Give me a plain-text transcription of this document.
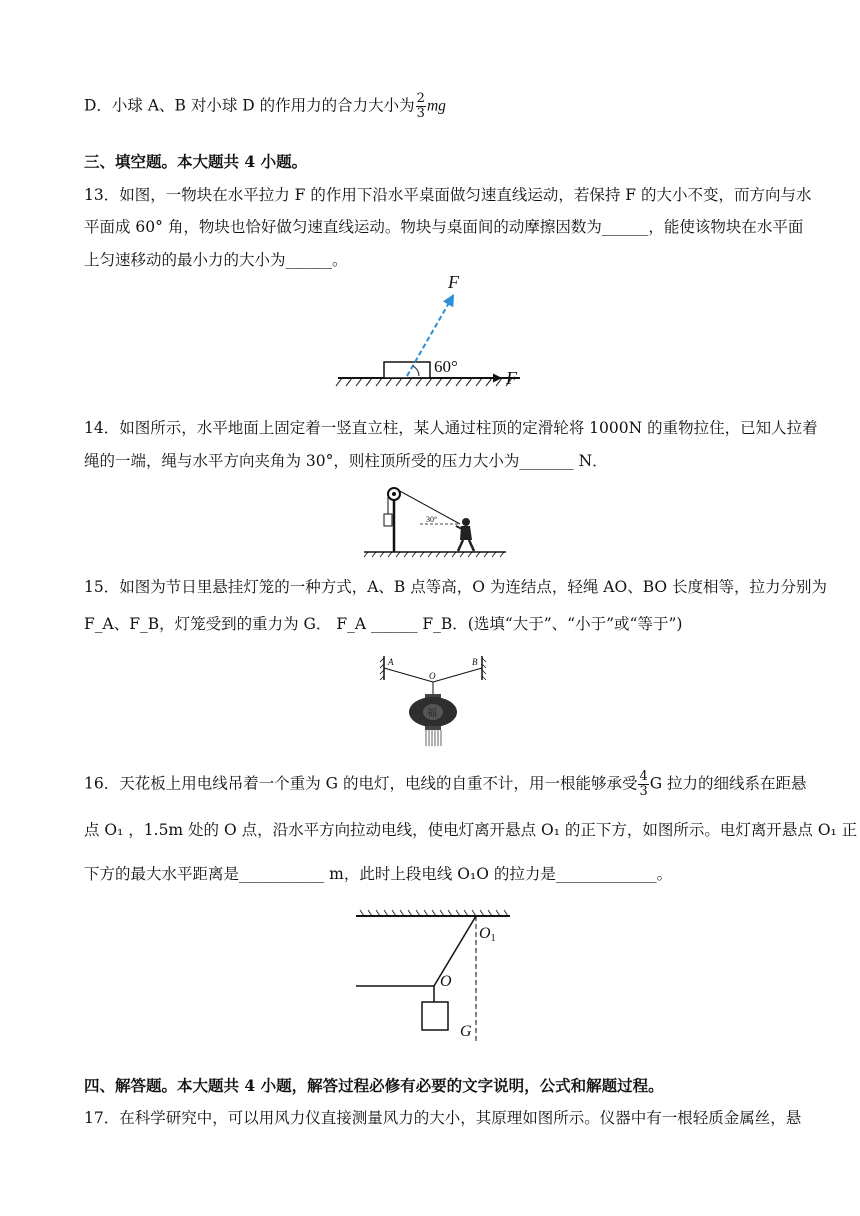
D．小球 A、B 对小球 D 的作用力的合力大小为 $\frac{2}{3}$ mg
三、填空题。本大题共 4 小题。
13．如图，一物块在水平拉力 F 的作用下沿水平桌面做匀速直线运动，若保持 F 的大小不变，而方向与水
平面成 60° 角，物块也恰好做匀速直线运动。物块与桌面间的动摩擦因数为______，能使该物块在水平面
上匀速移动的最小力的大小为______。
F
60°
F
14．如图所示，水平地面上固定着一竖直立柱，某人通过柱顶的定滑轮将 1000N 的重物拉住，已知人拉着
绳的一端，绳与水平方向夹角为 30°，则柱顶所受的压力大小为_______ N．
30°
15．如图为节日里悬挂灯笼的一种方式，A、B 点等高，O 为连结点，轻绳 AO、BO 长度相等，拉力分别为
F_A、F_B，灯笼受到的重力为 G． F_A ______ F_B．(选填“大于”、“小于”或“等于”)
A
O
B
福
16．天花板上用电线吊着一个重为 G 的电灯，电线的自重不计，用一根能够承受 $\frac{4}{3}$ G 拉力的细线系在距悬
点 O₁ ，1.5m 处的 O 点，沿水平方向拉动电线，使电灯离开悬点 O₁ 的正下方，如图所示。电灯离开悬点 O₁ 正
下方的最大水平距离是___________ m，此时上段电线 O₁O 的拉力是_____________。
O1
O
G
四、解答题。本大题共 4 小题，解答过程必修有必要的文字说明，公式和解题过程。
17．在科学研究中，可以用风力仪直接测量风力的大小，其原理如图所示。仪器中有一根轻质金属丝，悬
